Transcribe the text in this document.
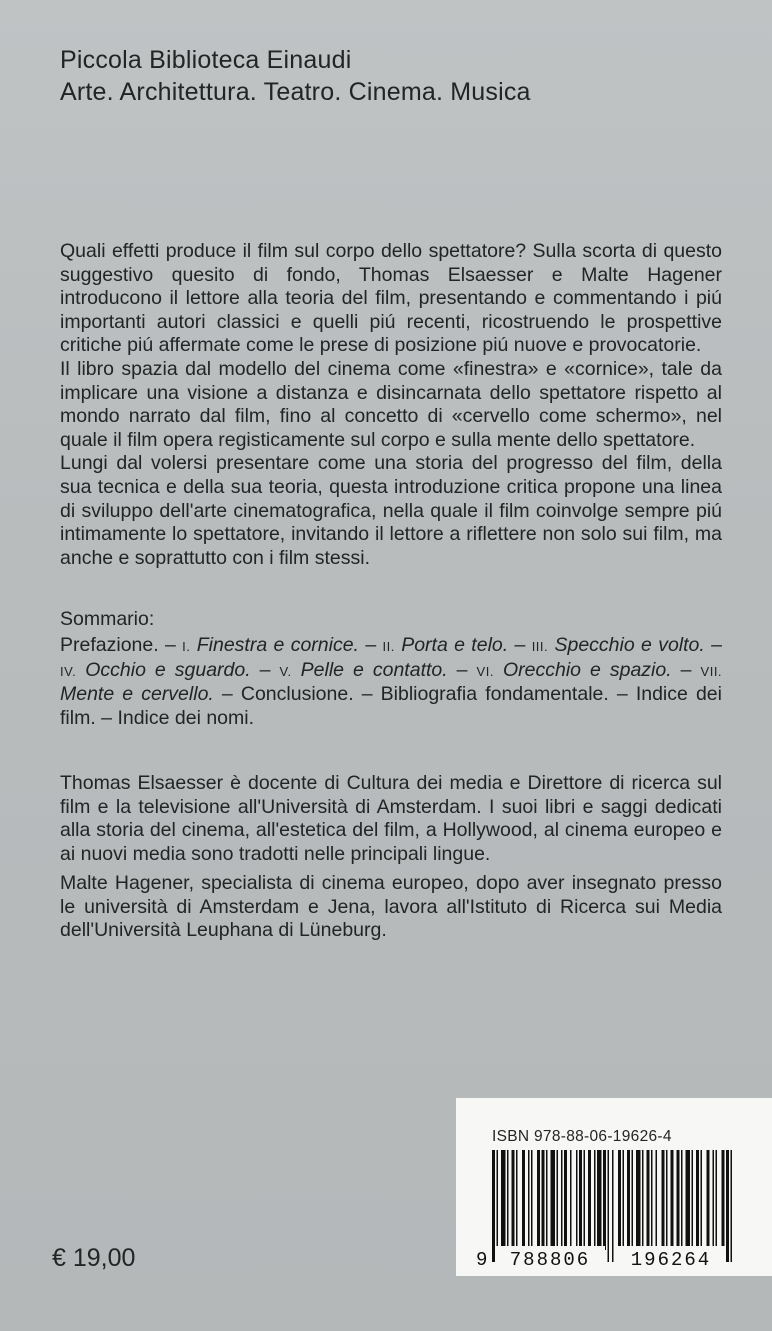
Piccola Biblioteca Einaudi
Arte. Architettura. Teatro. Cinema. Musica

Quali effetti produce il film sul corpo dello spettatore? Sulla scorta di questo suggestivo quesito di fondo, Thomas Elsaesser e Malte Hagener introducono il lettore alla teoria del film, presentando e commentando i piú importanti autori classici e quelli piú recenti, ricostruendo le prospettive critiche piú affermate come le prese di posizione piú nuove e provocatorie.

Il libro spazia dal modello del cinema come «finestra» e «cornice», tale da implicare una visione a distanza e disincarnata dello spettatore rispetto al mondo narrato dal film, fino al concetto di «cervello come schermo», nel quale il film opera registicamente sul corpo e sulla mente dello spettatore.

Lungi dal volersi presentare come una storia del progresso del film, della sua tecnica e della sua teoria, questa introduzione critica propone una linea di sviluppo dell'arte cinematografica, nella quale il film coinvolge sempre piú intimamente lo spettatore, invitando il lettore a riflettere non solo sui film, ma anche e soprattutto con i film stessi.

Sommario:
Prefazione. – I. Finestra e cornice. – II. Porta e telo. – III. Specchio e volto. – IV. Occhio e sguardo. – V. Pelle e contatto. – VI. Orecchio e spazio. – VII. Mente e cervello. – Conclusione. – Bibliografia fondamentale. – Indice dei film. – Indice dei nomi.

Thomas Elsaesser è docente di Cultura dei media e Direttore di ricerca sul film e la televisione all'Università di Amsterdam. I suoi libri e saggi dedicati alla storia del cinema, all'estetica del film, a Hollywood, al cinema europeo e ai nuovi media sono tradotti nelle principali lingue.

Malte Hagener, specialista di cinema europeo, dopo aver insegnato presso le università di Amsterdam e Jena, lavora all'Istituto di Ricerca sui Media dell'Università Leuphana di Lüneburg.

€ 19,00
ISBN 978-88-06-19626-4
9 788806 196264
